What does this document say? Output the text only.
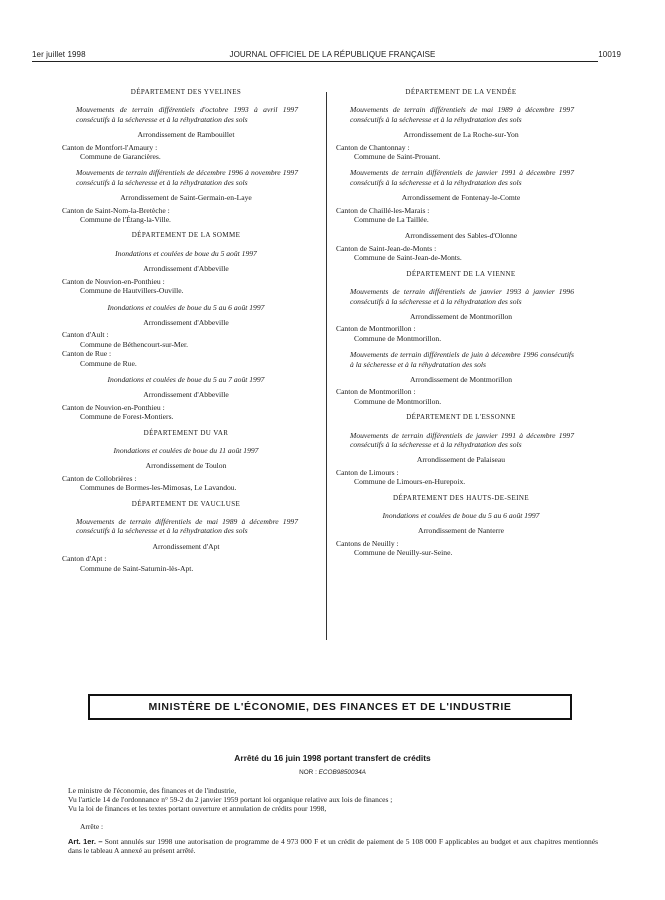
1er juillet 1998	JOURNAL OFFICIEL DE LA RÉPUBLIQUE FRANÇAISE	10019

DÉPARTEMENT DES YVELINES

Mouvements de terrain différentiels d'octobre 1993 à avril 1997 consécutifs à la sécheresse et à la réhydratation des sols

Arrondissement de Rambouillet

Canton de Montfort-l'Amaury :

Commune de Garancières.

Mouvements de terrain différentiels de décembre 1996 à novembre 1997 consécutifs à la sécheresse et à la réhydratation des sols

Arrondissement de Saint-Germain-en-Laye

Canton de Saint-Nom-la-Bretèche :

Commune de l'Étang-la-Ville.

DÉPARTEMENT DE LA SOMME

Inondations et coulées de boue du 5 août 1997

Arrondissement d'Abbeville

Canton de Nouvion-en-Ponthieu :

Commune de Hautvillers-Ouville.

Inondations et coulées de boue du 5 au 6 août 1997

Arrondissement d'Abbeville

Canton d'Ault :

Commune de Béthencourt-sur-Mer.

Canton de Rue :

Commune de Rue.

Inondations et coulées de boue du 5 au 7 août 1997

Arrondissement d'Abbeville

Canton de Nouvion-en-Ponthieu :

Commune de Forest-Montiers.

DÉPARTEMENT DU VAR

Inondations et coulées de boue du 11 août 1997

Arrondissement de Toulon

Canton de Collobrières :

Communes de Bormes-les-Mimosas, Le Lavandou.

DÉPARTEMENT DE VAUCLUSE

Mouvements de terrain différentiels de mai 1989 à décembre 1997 consécutifs à la sécheresse et à la réhydratation des sols

Arrondissement d'Apt

Canton d'Apt :

Commune de Saint-Saturnin-lès-Apt.

DÉPARTEMENT DE LA VENDÉE

Mouvements de terrain différentiels de mai 1989 à décembre 1997 consécutifs à la sécheresse et à la réhydratation des sols

Arrondissement de La Roche-sur-Yon

Canton de Chantonnay :

Commune de Saint-Prouant.

Mouvements de terrain différentiels de janvier 1991 à décembre 1997 consécutifs à la sécheresse et à la réhydratation des sols

Arrondissement de Fontenay-le-Comte

Canton de Chaillé-les-Marais :

Commune de La Taillée.

Arrondissement des Sables-d'Olonne

Canton de Saint-Jean-de-Monts :

Commune de Saint-Jean-de-Monts.

DÉPARTEMENT DE LA VIENNE

Mouvements de terrain différentiels de janvier 1993 à janvier 1996 consécutifs à la sécheresse et à la réhydratation des sols

Arrondissement de Montmorillon

Canton de Montmorillon :

Commune de Montmorillon.

Mouvements de terrain différentiels de juin à décembre 1996 consécutifs à la sécheresse et à la réhydratation des sols

Arrondissement de Montmorillon

Canton de Montmorillon :

Commune de Montmorillon.

DÉPARTEMENT DE L'ESSONNE

Mouvements de terrain différentiels de janvier 1991 à décembre 1997 consécutifs à la sécheresse et à la réhydratation des sols

Arrondissement de Palaiseau

Canton de Limours :

Commune de Limours-en-Hurepoix.

DÉPARTEMENT DES HAUTS-DE-SEINE

Inondations et coulées de boue du 5 au 6 août 1997

Arrondissement de Nanterre

Cantons de Neuilly :

Commune de Neuilly-sur-Seine.

MINISTÈRE DE L'ÉCONOMIE, DES FINANCES ET DE L'INDUSTRIE
Arrêté du 16 juin 1998 portant transfert de crédits
NOR : ECOB9850034A

Le ministre de l'économie, des finances et de l'industrie,

Vu l'article 14 de l'ordonnance n° 59-2 du 2 janvier 1959 portant loi organique relative aux lois de finances ;

Vu la loi de finances et les textes portant ouverture et annulation de crédits pour 1998,

Arrête :

Art. 1er. – Sont annulés sur 1998 une autorisation de programme de 4 973 000 F et un crédit de paiement de 5 108 000 F applicables au budget et aux chapitres mentionnés dans le tableau A annexé au présent arrêté.
